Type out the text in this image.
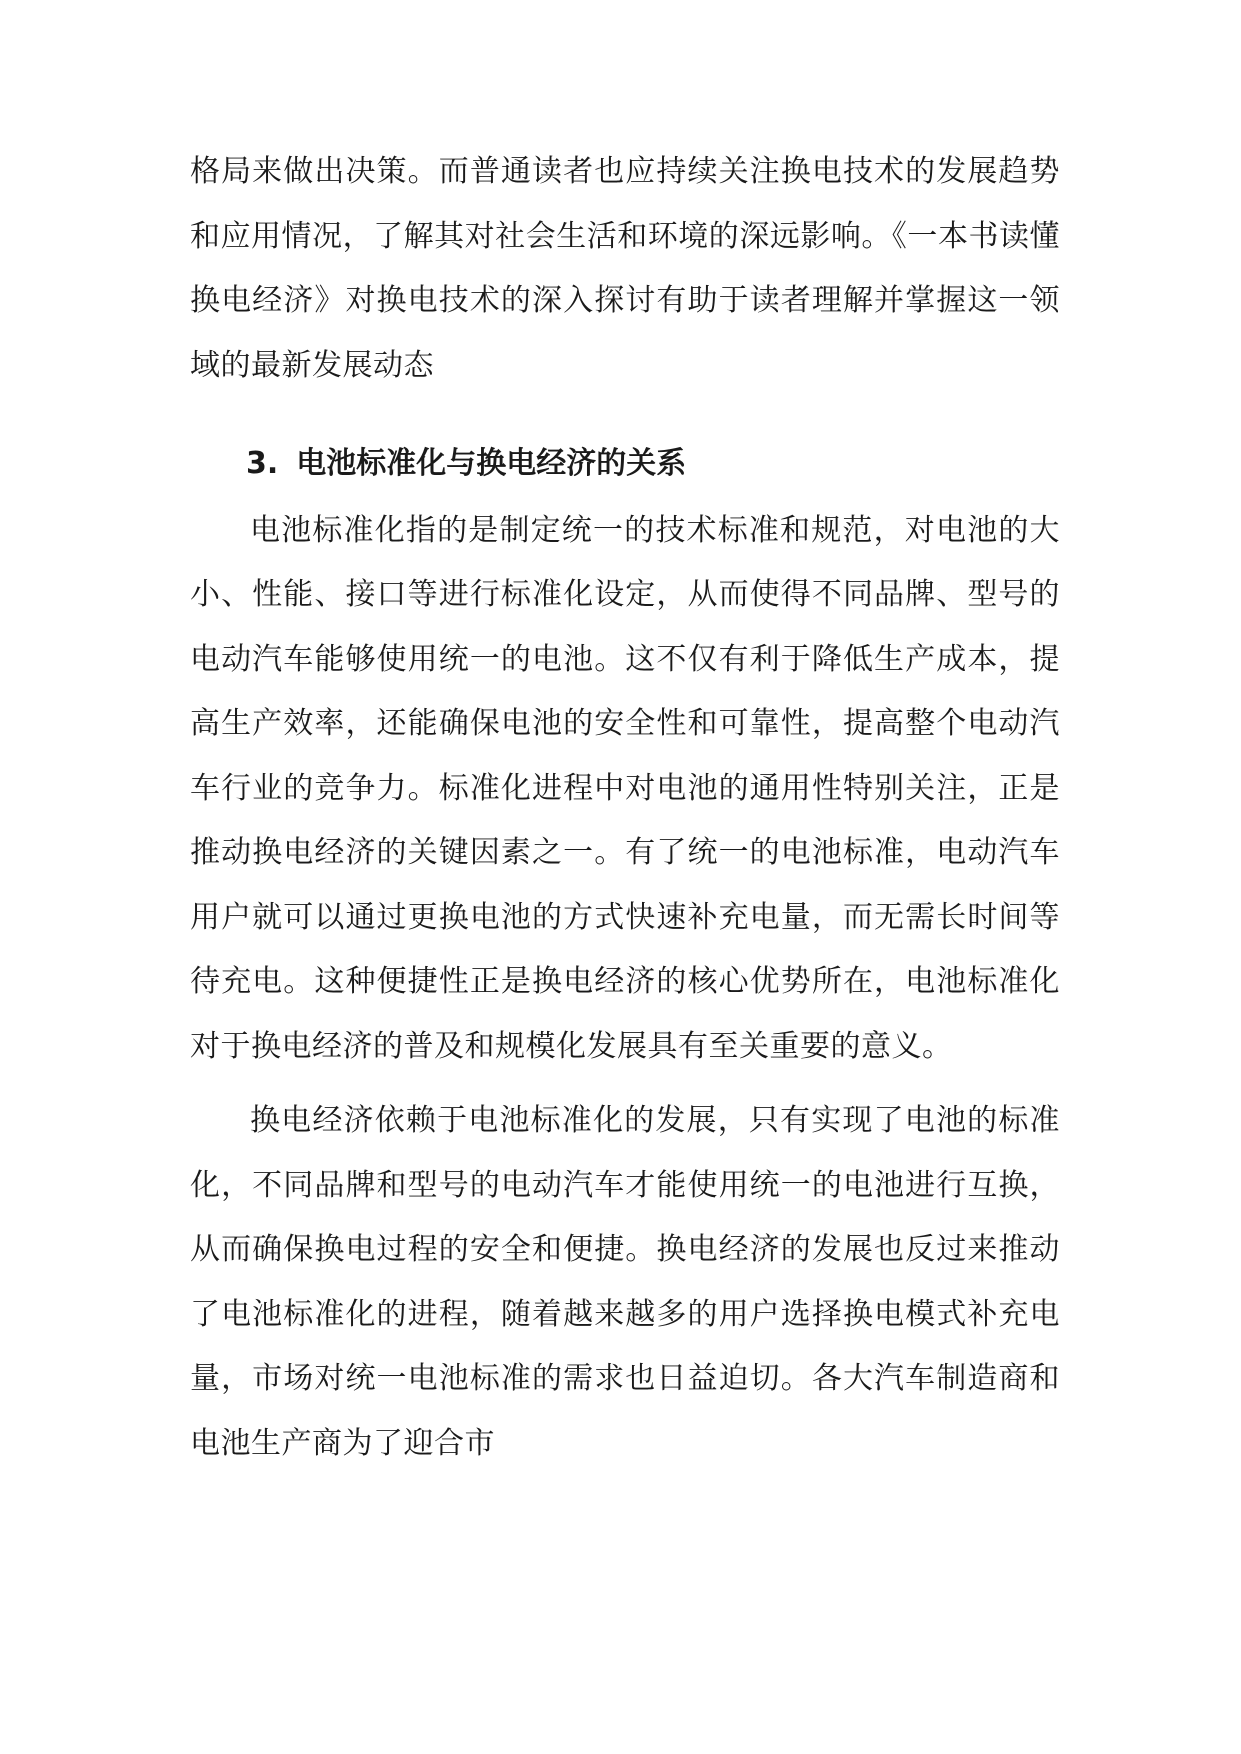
格局来做出决策。而普通读者也应持续关注换电技术的发展趋势和应用情况，了解其对社会生活和环境的深远影响。《一本书读懂换电经济》对换电技术的深入探讨有助于读者理解并掌握这一领域的最新发展动态

3. 电池标准化与换电经济的关系

电池标准化指的是制定统一的技术标准和规范，对电池的大小、性能、接口等进行标准化设定，从而使得不同品牌、型号的电动汽车能够使用统一的电池。这不仅有利于降低生产成本，提高生产效率，还能确保电池的安全性和可靠性，提高整个电动汽车行业的竞争力。标准化进程中对电池的通用性特别关注，正是推动换电经济的关键因素之一。有了统一的电池标准，电动汽车用户就可以通过更换电池的方式快速补充电量，而无需长时间等待充电。这种便捷性正是换电经济的核心优势所在，电池标准化对于换电经济的普及和规模化发展具有至关重要的意义。

换电经济依赖于电池标准化的发展，只有实现了电池的标准化，不同品牌和型号的电动汽车才能使用统一的电池进行互换，从而确保换电过程的安全和便捷。换电经济的发展也反过来推动了电池标准化的进程，随着越来越多的用户选择换电模式补充电量，市场对统一电池标准的需求也日益迫切。各大汽车制造商和电池生产商为了迎合市
